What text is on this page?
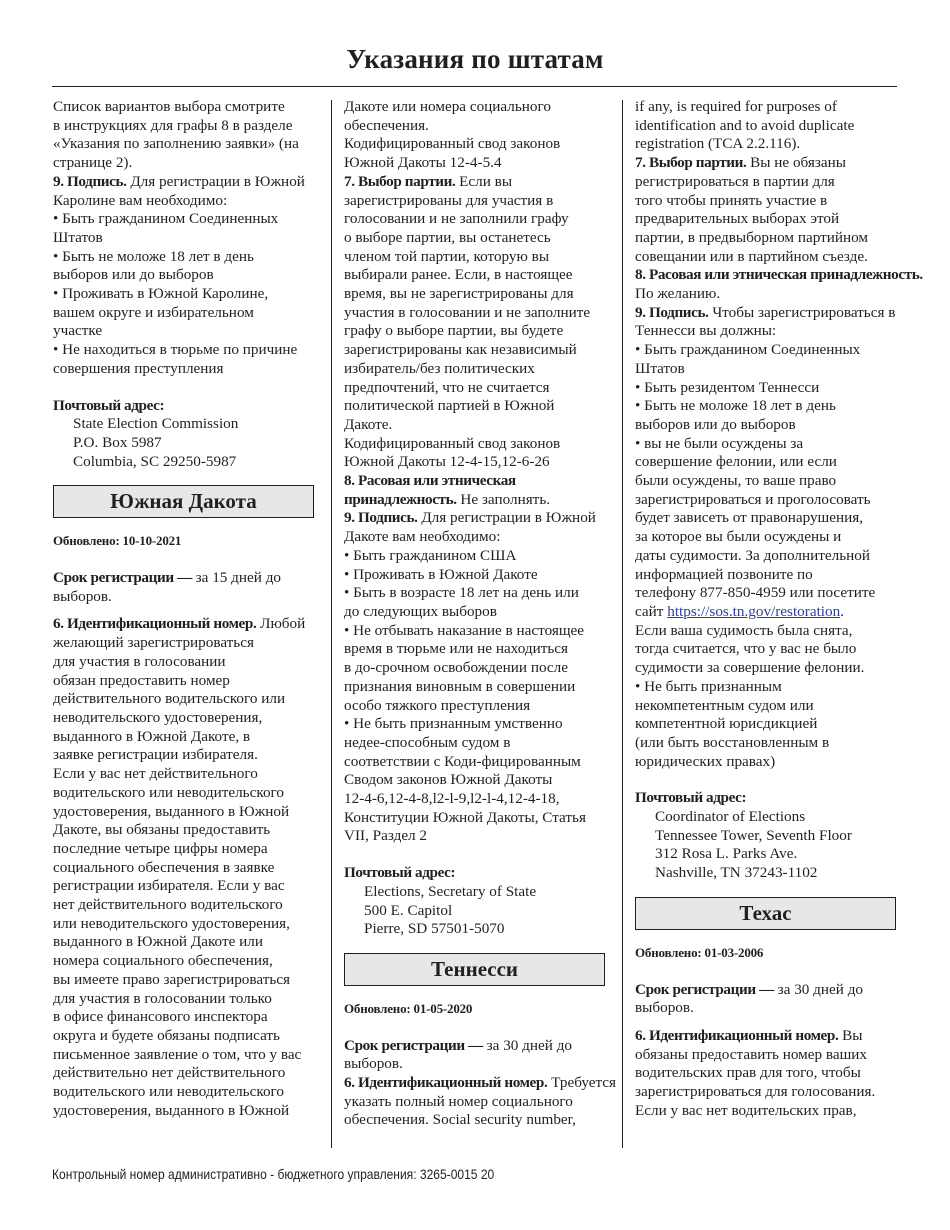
Указания по штатам
Список вариантов выбора смотрите
в инструкциях для графы 8 в разделе
«Указания по заполнению заявки» (на
странице 2).
9. Подпись. Для регистрации в Южной
Каролине вам необходимо:
• Быть гражданином Соединенных
Штатов
• Быть не моложе 18 лет в день
выборов или до выборов
• Проживать в Южной Каролине,
вашем округе и избирательном
участке
• Не находиться в тюрьме по причине
совершения преступления
Почтовый адрес:
State Election Commission
P.O. Box 5987
Columbia, SC 29250-5987
Южная Дакота
Обновлено: 10-10-2021
Срок регистрации — за 15 дней до
выборов.
6. Идентификационный номер. Любой
желающий зарегистрироваться
для участия в голосовании
обязан предоставить номер
действительного водительского или
неводительского удостоверения,
выданного в Южной Дакоте, в
заявке регистрации избирателя.
Если у вас нет действительного
водительского или неводительского
удостоверения, выданного в Южной
Дакоте, вы обязаны предоставить
последние четыре цифры номера
социального обеспечения в заявке
регистрации избирателя. Если у вас
нет действительного водительского
или неводительского удостоверения,
выданного в Южной Дакоте или
номера социального обеспечения,
вы имеете право зарегистрироваться
для участия в голосовании только
в офисе финансового инспектора
округа и будете обязаны подписать
письменное заявление о том, что у вас
действительно нет действительного
водительского или неводительского
удостоверения, выданного в Южной
Дакоте или номера социального
обеспечения.
Кодифицированный свод законов
Южной Дакоты 12-4-5.4
7. Выбор партии. Если вы
зарегистрированы для участия в
голосовании и не заполнили графу
о выборе партии, вы останетесь
членом той партии, которую вы
выбирали ранее. Если, в настоящее
время, вы не зарегистрированы для
участия в голосовании и не заполните
графу о выборе партии, вы будете
зарегистрированы как независимый
избиратель/без политических
предпочтений, что не считается
политической партией в Южной
Дакоте.
Кодифицированный свод законов
Южной Дакоты 12-4-15,12-6-26
8. Расовая или этническая
принадлежность. Не заполнять.
9. Подпись. Для регистрации в Южной
Дакоте вам необходимо:
• Быть гражданином США
• Проживать в Южной Дакоте
• Быть в возрасте 18 лет на день или
до следующих выборов
• Не отбывать наказание в настоящее
время в тюрьме или не находиться
в до-срочном освобождении после
признания виновным в совершении
особо тяжкого преступления
• Не быть признанным умственно
недее-способным судом в
соответствии с Коди-фицированным
Сводом законов Южной Дакоты
12-4-6,12-4-8,l2-l-9,l2-l-4,12-4-18,
Конституции Южной Дакоты, Статья
VII, Раздел 2
Почтовый адрес:
Elections, Secretary of State
500 E. Capitol
Pierre, SD 57501-5070
Теннесси
Обновлено: 01-05-2020
Срок регистрации — за 30 дней до
выборов.
6. Идентификационный номер. Требуется
указать полный номер социального
обеспечения. Social security number,
if any, is required for purposes of
identification and to avoid duplicate
registration (TCA 2.2.116).
7. Выбор партии. Вы не обязаны
регистрироваться в партии для
того чтобы принять участие в
предварительных выборах этой
партии, в предвыборном партийном
совещании или в партийном съезде.
8. Расовая или этническая принадлежность.
По желанию.
9. Подпись. Чтобы зарегистрироваться в
Теннесси вы должны:
• Быть гражданином Соединенных
Штатов
• Быть резидентом Теннесси
• Быть не моложе 18 лет в день
выборов или до выборов
• вы не были осуждены за
совершение фелонии, или если
были осуждены, то ваше право
зарегистрироваться и проголосовать
будет зависеть от правонарушения,
за которое вы были осуждены и
даты судимости. За дополнительной
информацией позвоните по
телефону 877-850-4959 или посетите
сайт https://sos.tn.gov/restoration.
Если ваша судимость была снята,
тогда считается, что у вас не было
судимости за совершение фелонии.
• Не быть признанным
некомпетентным судом или
компетентной юрисдикцией
(или быть восстановленным в
юридических правах)
Почтовый адрес:
Coordinator of Elections
Tennessee Tower, Seventh Floor
312 Rosa L. Parks Ave.
Nashville, TN 37243-1102
Техас
Обновлено: 01-03-2006
Срок регистрации — за 30 дней до
выборов.
6. Идентификационный номер. Вы
обязаны предоставить номер ваших
водительских прав для того, чтобы
зарегистрироваться для голосования.
Если у вас нет водительских прав,
Контрольный номер административно - бюджетного управления: 3265-0015 20
